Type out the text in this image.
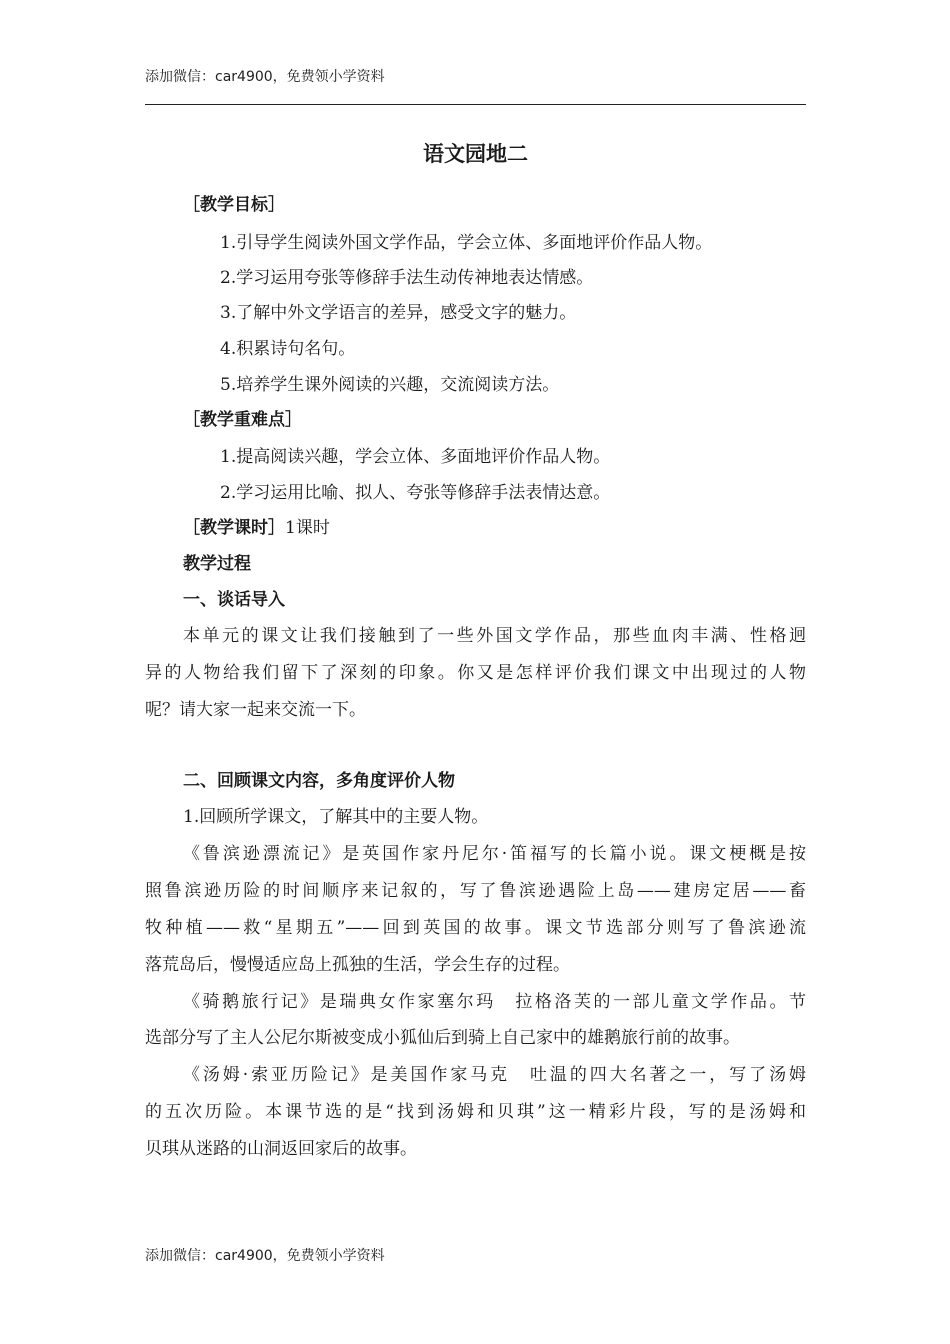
添加微信：car4900，免费领小学资料
语文园地二
［教学目标］
1.引导学生阅读外国文学作品，学会立体、多面地评价作品人物。
2.学习运用夸张等修辞手法生动传神地表达情感。
3.了解中外文学语言的差异，感受文字的魅力。
4.积累诗句名句。
5.培养学生课外阅读的兴趣，交流阅读方法。
［教学重难点］
1.提高阅读兴趣，学会立体、多面地评价作品人物。
2.学习运用比喻、拟人、夸张等修辞手法表情达意。
［教学课时］1课时
教学过程
一、谈话导入
本单元的课文让我们接触到了一些外国文学作品，那些血肉丰满、性格迥
异的人物给我们留下了深刻的印象。你又是怎样评价我们课文中出现过的人物
呢？请大家一起来交流一下。
二、回顾课文内容，多角度评价人物
1.回顾所学课文，了解其中的主要人物。
《鲁滨逊漂流记》是英国作家丹尼尔·笛福写的长篇小说。课文梗概是按
照鲁滨逊历险的时间顺序来记叙的，写了鲁滨逊遇险上岛——建房定居——畜
牧种植——救“星期五”——回到英国的故事。课文节选部分则写了鲁滨逊流
落荒岛后，慢慢适应岛上孤独的生活，学会生存的过程。
《骑鹅旅行记》是瑞典女作家塞尔玛　拉格洛芙的一部儿童文学作品。节
选部分写了主人公尼尔斯被变成小狐仙后到骑上自己家中的雄鹅旅行前的故事。
《汤姆·索亚历险记》是美国作家马克　吐温的四大名著之一，写了汤姆
的五次历险。本课节选的是“找到汤姆和贝琪”这一精彩片段，写的是汤姆和
贝琪从迷路的山洞返回家后的故事。
添加微信：car4900，免费领小学资料
